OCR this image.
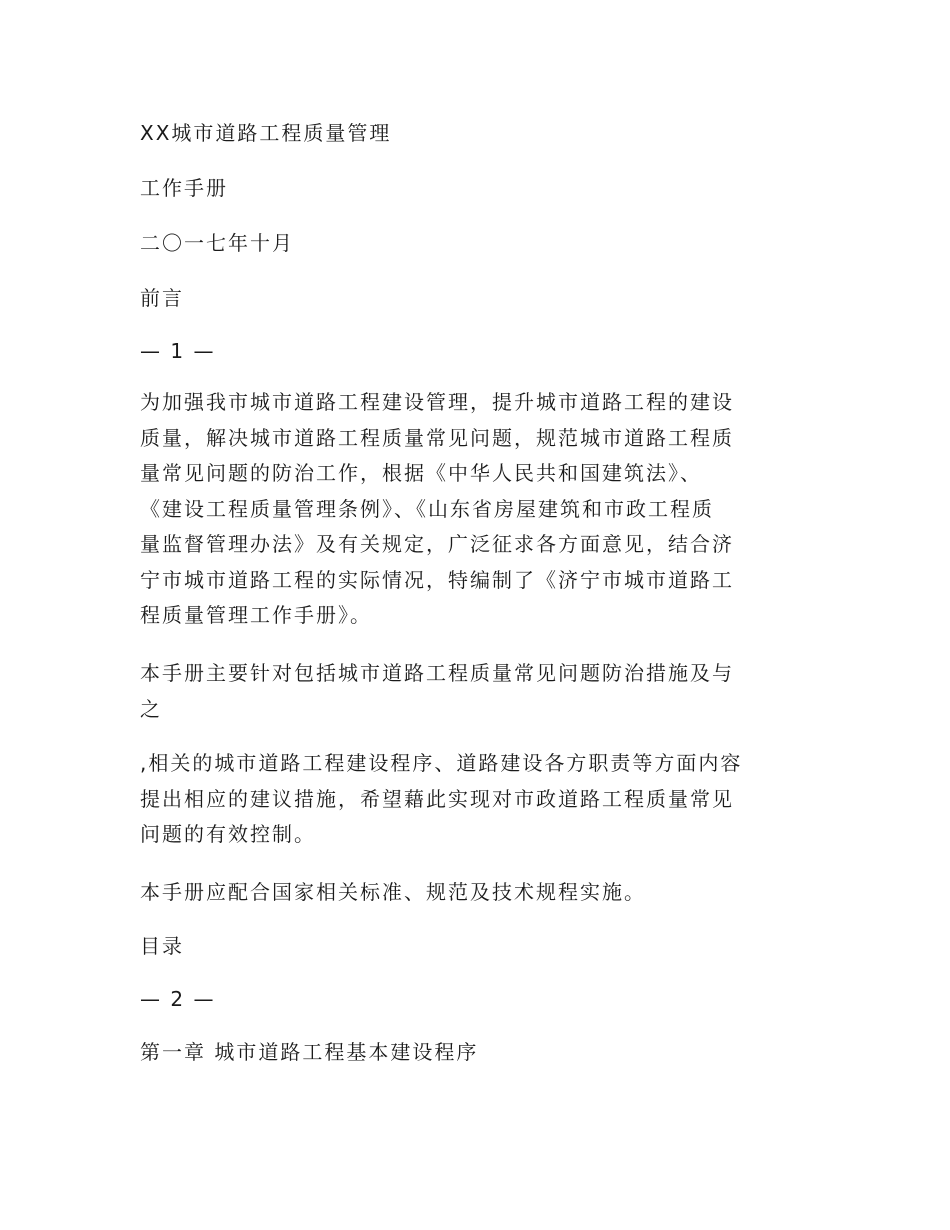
XX城市道路工程质量管理
工作手册
二〇一七年十月
前言
— 1 —
为加强我市城市道路工程建设管理，提升城市道路工程的建设
质量，解决城市道路工程质量常见问题，规范城市道路工程质
量常见问题的防治工作，根据《中华人民共和国建筑法》、
《建设工程质量管理条例》、《山东省房屋建筑和市政工程质
量监督管理办法》及有关规定，广泛征求各方面意见，结合济
宁市城市道路工程的实际情况，特编制了《济宁市城市道路工
程质量管理工作手册》。
本手册主要针对包括城市道路工程质量常见问题防治措施及与
之
,相关的城市道路工程建设程序、道路建设各方职责等方面内容
提出相应的建议措施，希望藉此实现对市政道路工程质量常见
问题的有效控制。
本手册应配合国家相关标准、规范及技术规程实施。
目录
— 2 —
第一章 城市道路工程基本建设程序
